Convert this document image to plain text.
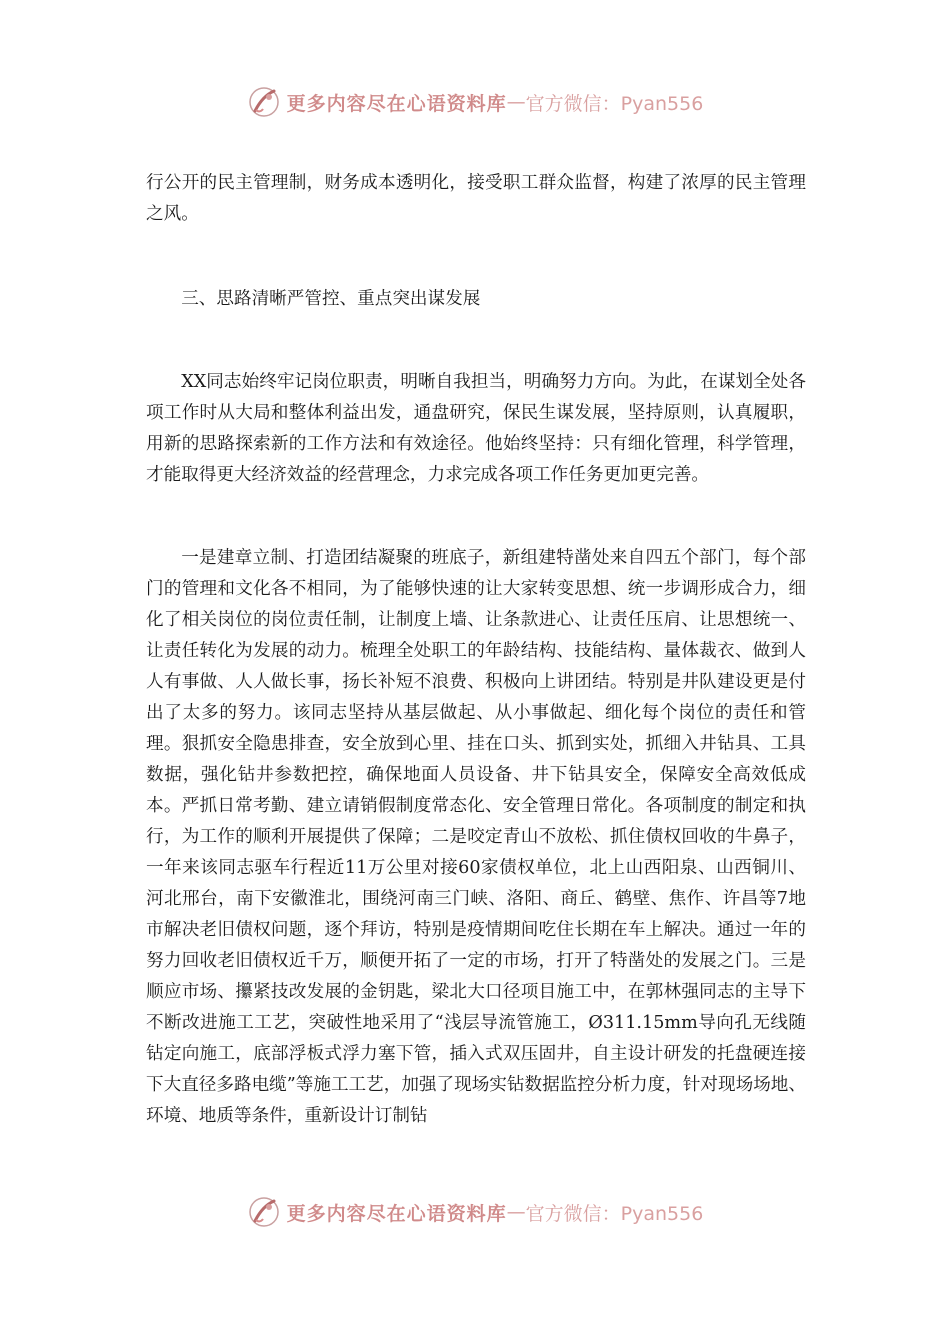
更多内容尽在心语资料库 — 官方微信：Pyan556

行公开的民主管理制，财务成本透明化，接受职工群众监督，构建了浓厚的民主管理之风。

三、思路清晰严管控、重点突出谋发展

XX同志始终牢记岗位职责，明晰自我担当，明确努力方向。为此，在谋划全处各项工作时从大局和整体利益出发，通盘研究，保民生谋发展，坚持原则，认真履职，用新的思路探索新的工作方法和有效途径。他始终坚持：只有细化管理，科学管理，才能取得更大经济效益的经营理念，力求完成各项工作任务更加更完善。

一是建章立制、打造团结凝聚的班底子，新组建特凿处来自四五个部门，每个部门的管理和文化各不相同，为了能够快速的让大家转变思想、统一步调形成合力，细化了相关岗位的岗位责任制，让制度上墙、让条款进心、让责任压肩、让思想统一、让责任转化为发展的动力。梳理全处职工的年龄结构、技能结构、量体裁衣、做到人人有事做、人人做长事，扬长补短不浪费、积极向上讲团结。特别是井队建设更是付出了太多的努力。该同志坚持从基层做起、从小事做起、细化每个岗位的责任和管理。狠抓安全隐患排查，安全放到心里、挂在口头、抓到实处，抓细入井钻具、工具数据，强化钻井参数把控，确保地面人员设备、井下钻具安全，保障安全高效低成本。严抓日常考勤、建立请销假制度常态化、安全管理日常化。各项制度的制定和执行，为工作的顺利开展提供了保障；二是咬定青山不放松、抓住债权回收的牛鼻子，一年来该同志驱车行程近11万公里对接60家债权单位，北上山西阳泉、山西铜川、河北邢台，南下安徽淮北，围绕河南三门峡、洛阳、商丘、鹤壁、焦作、许昌等7地市解决老旧债权问题，逐个拜访，特别是疫情期间吃住长期在车上解决。通过一年的努力回收老旧债权近千万，顺便开拓了一定的市场，打开了特凿处的发展之门。三是顺应市场、攥紧技改发展的金钥匙，梁北大口径项目施工中，在郭林强同志的主导下不断改进施工工艺，突破性地采用了“浅层导流管施工，Ø311.15mm导向孔无线随钻定向施工，底部浮板式浮力塞下管，插入式双压固井，自主设计研发的托盘硬连接下大直径多路电缆”等施工工艺，加强了现场实钻数据监控分析力度，针对现场场地、环境、地质等条件，重新设计订制钻

更多内容尽在心语资料库 — 官方微信：Pyan556
